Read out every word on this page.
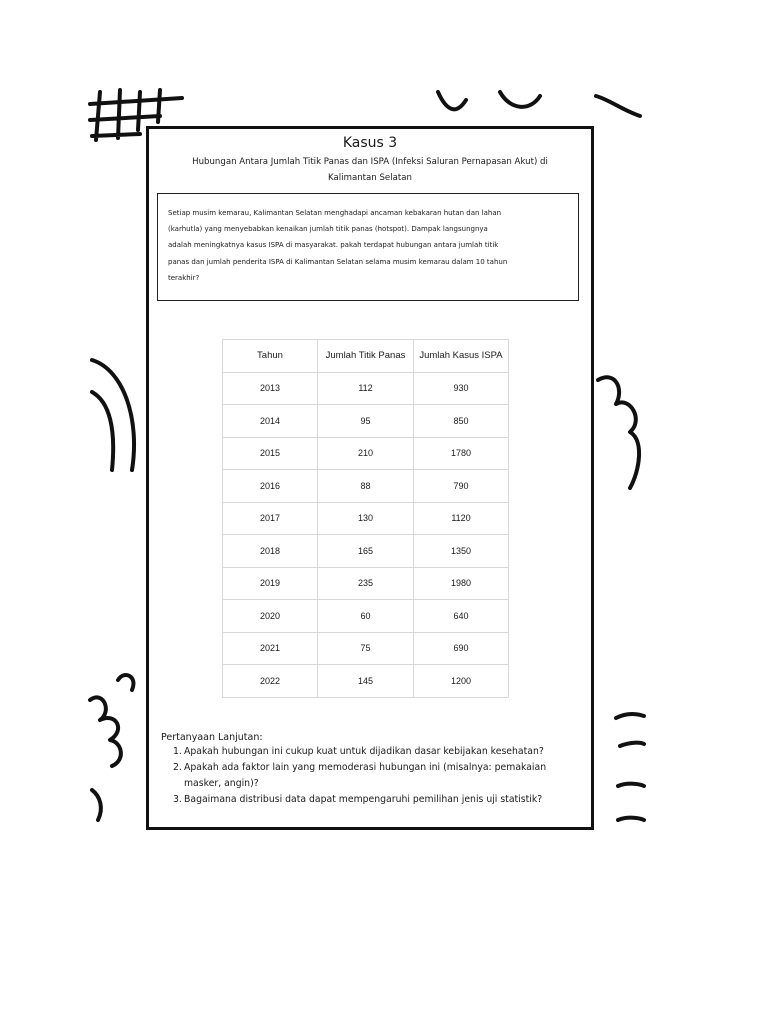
Kasus 3
Hubungan Antara Jumlah Titik Panas dan ISPA (Infeksi Saluran Pernapasan Akut) di
Kalimantan Selatan
Setiap musim kemarau, Kalimantan Selatan menghadapi ancaman kebakaran hutan dan lahan
(karhutla) yang menyebabkan kenaikan jumlah titik panas (hotspot). Dampak langsungnya
adalah meningkatnya kasus ISPA di masyarakat. pakah terdapat hubungan antara jumlah titik
panas dan jumlah penderita ISPA di Kalimantan Selatan selama musim kemarau dalam 10 tahun
terakhir?
Tahun	Jumlah Titik Panas	Jumlah Kasus ISPA
2013	112	930
2014	95	850
2015	210	1780
2016	88	790
2017	130	1120
2018	165	1350
2019	235	1980
2020	60	640
2021	75	690
2022	145	1200
Pertanyaan Lanjutan:
1. Apakah hubungan ini cukup kuat untuk dijadikan dasar kebijakan kesehatan?
2. Apakah ada faktor lain yang memoderasi hubungan ini (misalnya: pemakaian
masker, angin)?
3. Bagaimana distribusi data dapat mempengaruhi pemilihan jenis uji statistik?
